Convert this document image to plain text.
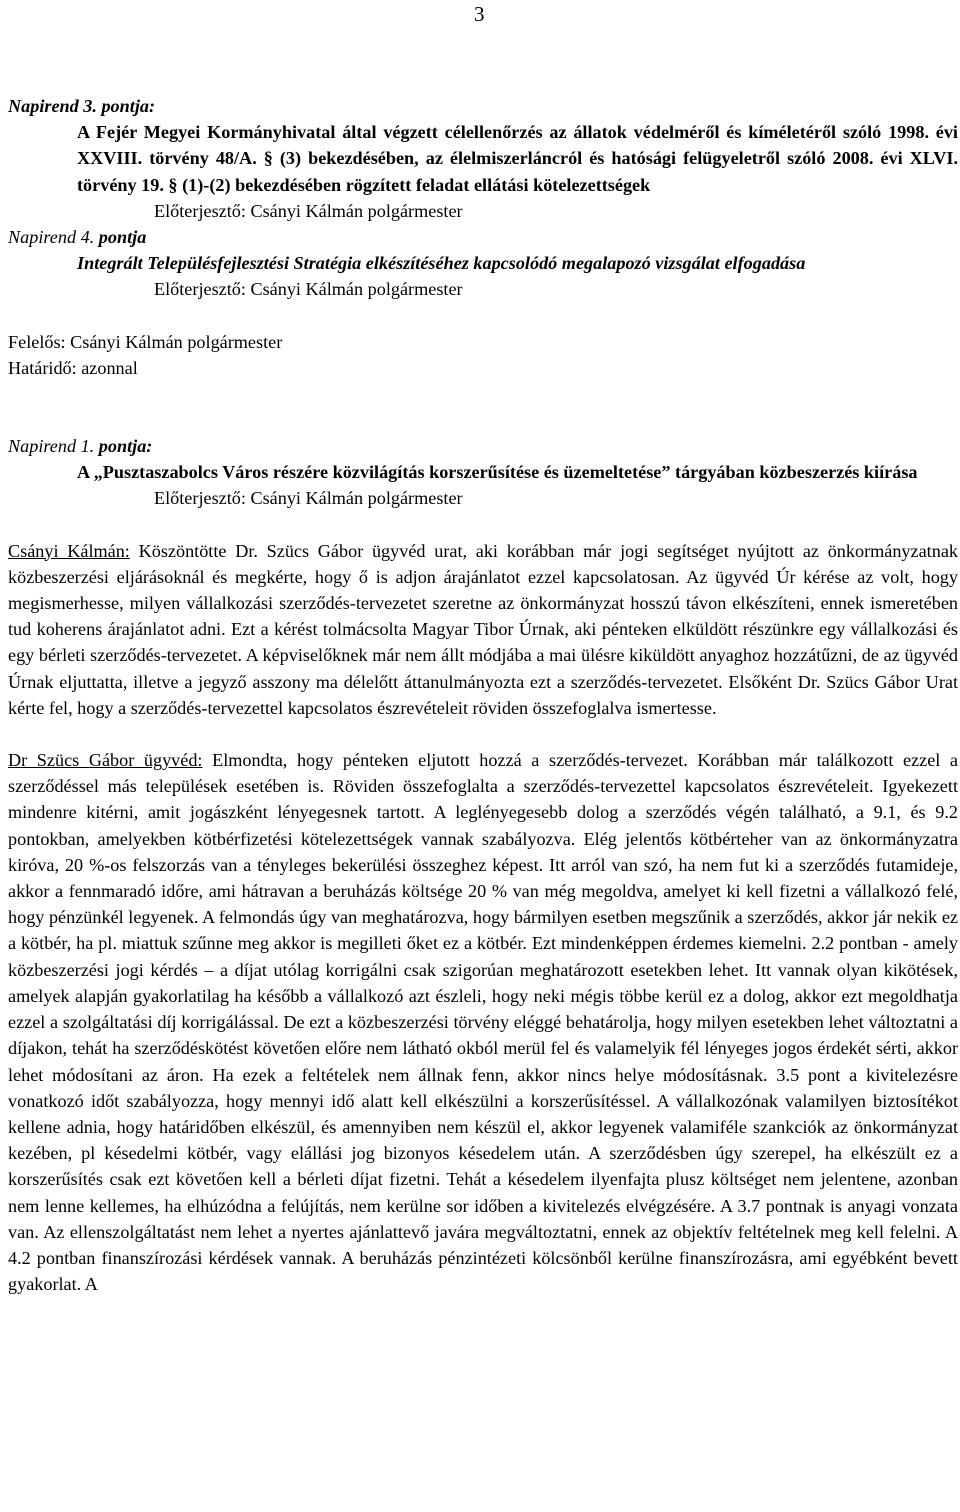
3

Napirend 3. pontja:

A Fejér Megyei Kormányhivatal által végzett célellenőrzés az állatok védelméről és kíméletéről szóló 1998. évi XXVIII. törvény 48/A. § (3) bekezdésében, az élelmiszerláncról és hatósági felügyeletről szóló 2008. évi XLVI. törvény 19. § (1)-(2) bekezdésében rögzített feladat ellátási kötelezettségek

Előterjesztő: Csányi Kálmán polgármester

Napirend 4. pontja

Integrált Településfejlesztési Stratégia elkészítéséhez kapcsolódó megalapozó vizsgálat elfogadása

Előterjesztő: Csányi Kálmán polgármester

Felelős: Csányi Kálmán polgármester

Határidő: azonnal

Napirend 1. pontja:

A „Pusztaszabolcs Város részére közvilágítás korszerűsítése és üzemeltetése” tárgyában közbeszerzés kiírása

Előterjesztő: Csányi Kálmán polgármester

Csányi Kálmán: Köszöntötte Dr. Szücs Gábor ügyvéd urat, aki korábban már jogi segítséget nyújtott az önkormányzatnak közbeszerzési eljárásoknál és megkérte, hogy ő is adjon árajánlatot ezzel kapcsolatosan. Az ügyvéd Úr kérése az volt, hogy megismerhesse, milyen vállalkozási szerződés-tervezetet szeretne az önkormányzat hosszú távon elkészíteni, ennek ismeretében tud koherens árajánlatot adni. Ezt a kérést tolmácsolta Magyar Tibor Úrnak, aki pénteken elküldött részünkre egy vállalkozási és egy bérleti szerződés-tervezetet. A képviselőknek már nem állt módjába a mai ülésre kiküldött anyaghoz hozzátűzni, de az ügyvéd Úrnak eljuttatta, illetve a jegyző asszony ma délelőtt áttanulmányozta ezt a szerződés-tervezetet. Elsőként Dr. Szücs Gábor Urat kérte fel, hogy a szerződés-tervezettel kapcsolatos észrevételeit röviden összefoglalva ismertesse.

Dr Szücs Gábor ügyvéd: Elmondta, hogy pénteken eljutott hozzá a szerződés-tervezet. Korábban már találkozott ezzel a szerződéssel más települések esetében is. Röviden összefoglalta a szerződés-tervezettel kapcsolatos észrevételeit. Igyekezett mindenre kitérni, amit jogászként lényegesnek tartott. A leglényegesebb dolog a szerződés végén található, a 9.1, és 9.2 pontokban, amelyekben kötbérfizetési kötelezettségek vannak szabályozva. Elég jelentős kötbérteher van az önkormányzatra kiróva, 20 %-os felszorzás van a tényleges bekerülési összeghez képest. Itt arról van szó, ha nem fut ki a szerződés futamideje, akkor a fennmaradó időre, ami hátravan a beruházás költsége 20 % van még megoldva, amelyet ki kell fizetni a vállalkozó felé, hogy pénzünkél legyenek. A felmondás úgy van meghatározva, hogy bármilyen esetben megszűnik a szerződés, akkor jár nekik ez a kötbér, ha pl. miattuk szűnne meg akkor is megilleti őket ez a kötbér. Ezt mindenképpen érdemes kiemelni. 2.2 pontban - amely közbeszerzési jogi kérdés – a díjat utólag korrigálni csak szigorúan meghatározott esetekben lehet. Itt vannak olyan kikötések, amelyek alapján gyakorlatilag ha később a vállalkozó azt észleli, hogy neki mégis többe kerül ez a dolog, akkor ezt megoldhatja ezzel a szolgáltatási díj korrigálással. De ezt a közbeszerzési törvény eléggé behatárolja, hogy milyen esetekben lehet változtatni a díjakon, tehát ha szerződéskötést követően előre nem látható okból merül fel és valamelyik fél lényeges jogos érdekét sérti, akkor lehet módosítani az áron. Ha ezek a feltételek nem állnak fenn, akkor nincs helye módosításnak. 3.5 pont a kivitelezésre vonatkozó időt szabályozza, hogy mennyi idő alatt kell elkészülni a korszerűsítéssel. A vállalkozónak valamilyen biztosítékot kellene adnia, hogy határidőben elkészül, és amennyiben nem készül el, akkor legyenek valamiféle szankciók az önkormányzat kezében, pl késedelmi kötbér, vagy elállási jog bizonyos késedelem után. A szerződésben úgy szerepel, ha elkészült ez a korszerűsítés csak ezt követően kell a bérleti díjat fizetni. Tehát a késedelem ilyenfajta plusz költséget nem jelentene, azonban nem lenne kellemes, ha elhúzódna a felújítás, nem kerülne sor időben a kivitelezés elvégzésére. A 3.7 pontnak is anyagi vonzata van. Az ellenszolgáltatást nem lehet a nyertes ajánlattevő javára megváltoztatni, ennek az objektív feltételnek meg kell felelni. A 4.2 pontban finanszírozási kérdések vannak. A beruházás pénzintézeti kölcsönből kerülne finanszírozásra, ami egyébként bevett gyakorlat. A
